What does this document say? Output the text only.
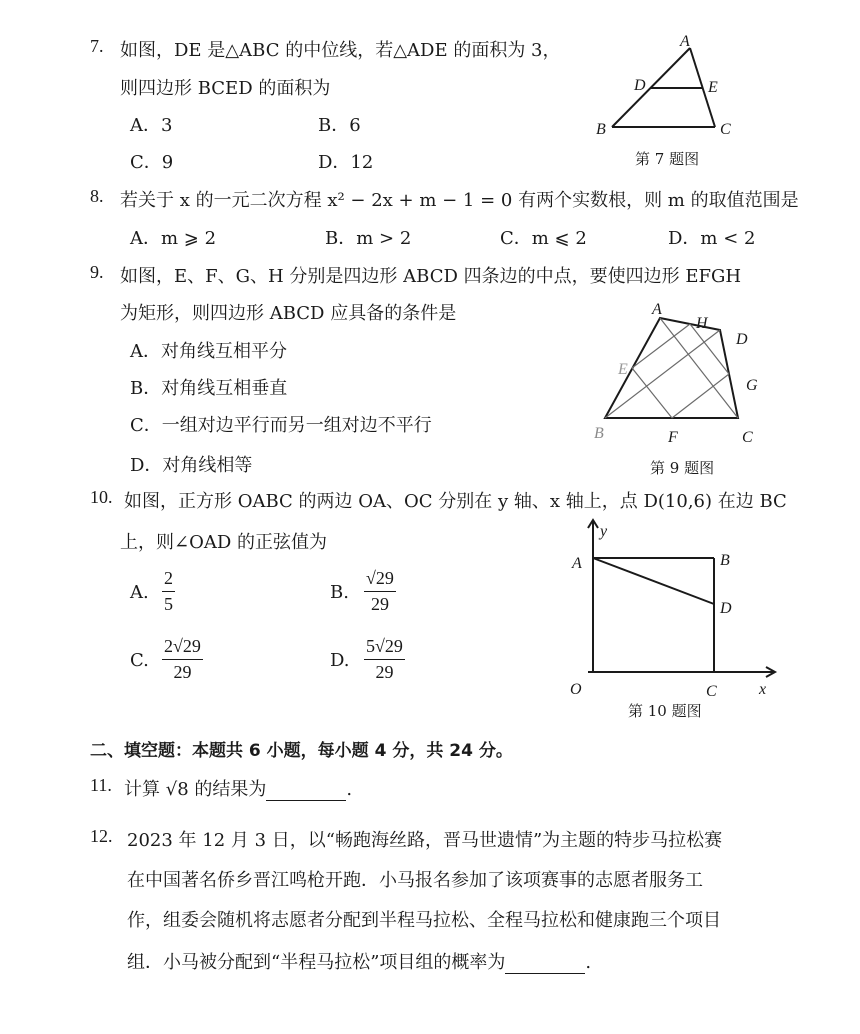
7. 如图，DE 是△ABC 的中位线，若△ADE 的面积为 3，
则四边形 BCED 的面积为
A．3	B．6
C．9	D．12
A
D	E
B	C
第 7 题图
8. 若关于 x 的一元二次方程 x² − 2x + m − 1 = 0 有两个实数根，则 m 的取值范围是
A．m ⩾ 2	B．m > 2	C．m ⩽ 2	D．m < 2
9. 如图，E、F、G、H 分别是四边形 ABCD 四条边的中点，要使四边形 EFGH
为矩形，则四边形 ABCD 应具备的条件是
A．对角线互相平分
B．对角线互相垂直
C．一组对边平行而另一组对边不平行
D．对角线相等
A
H
D
E
G
B	F	C
第 9 题图
10. 如图，正方形 OABC 的两边 OA、OC 分别在 y 轴、x 轴上，点 D(10,6) 在边 BC
上，则∠OAD 的正弦值为
A. $\frac{2}{5}$	B. $\frac{√29}{29}$
C. $\frac{2√29}{29}$	D. $\frac{5√29}{29}$
y
x
A	B
D
O	C
第 10 题图
二、填空题：本题共 6 小题，每小题 4 分，共 24 分。
11. 计算 √8 的结果为	.
12. 2023 年 12 月 3 日，以“畅跑海丝路，晋马世遗情”为主题的特步马拉松赛
在中国著名侨乡晋江鸣枪开跑．小马报名参加了该项赛事的志愿者服务工
作，组委会随机将志愿者分配到半程马拉松、全程马拉松和健康跑三个项目
组．小马被分配到“半程马拉松”项目组的概率为	.
